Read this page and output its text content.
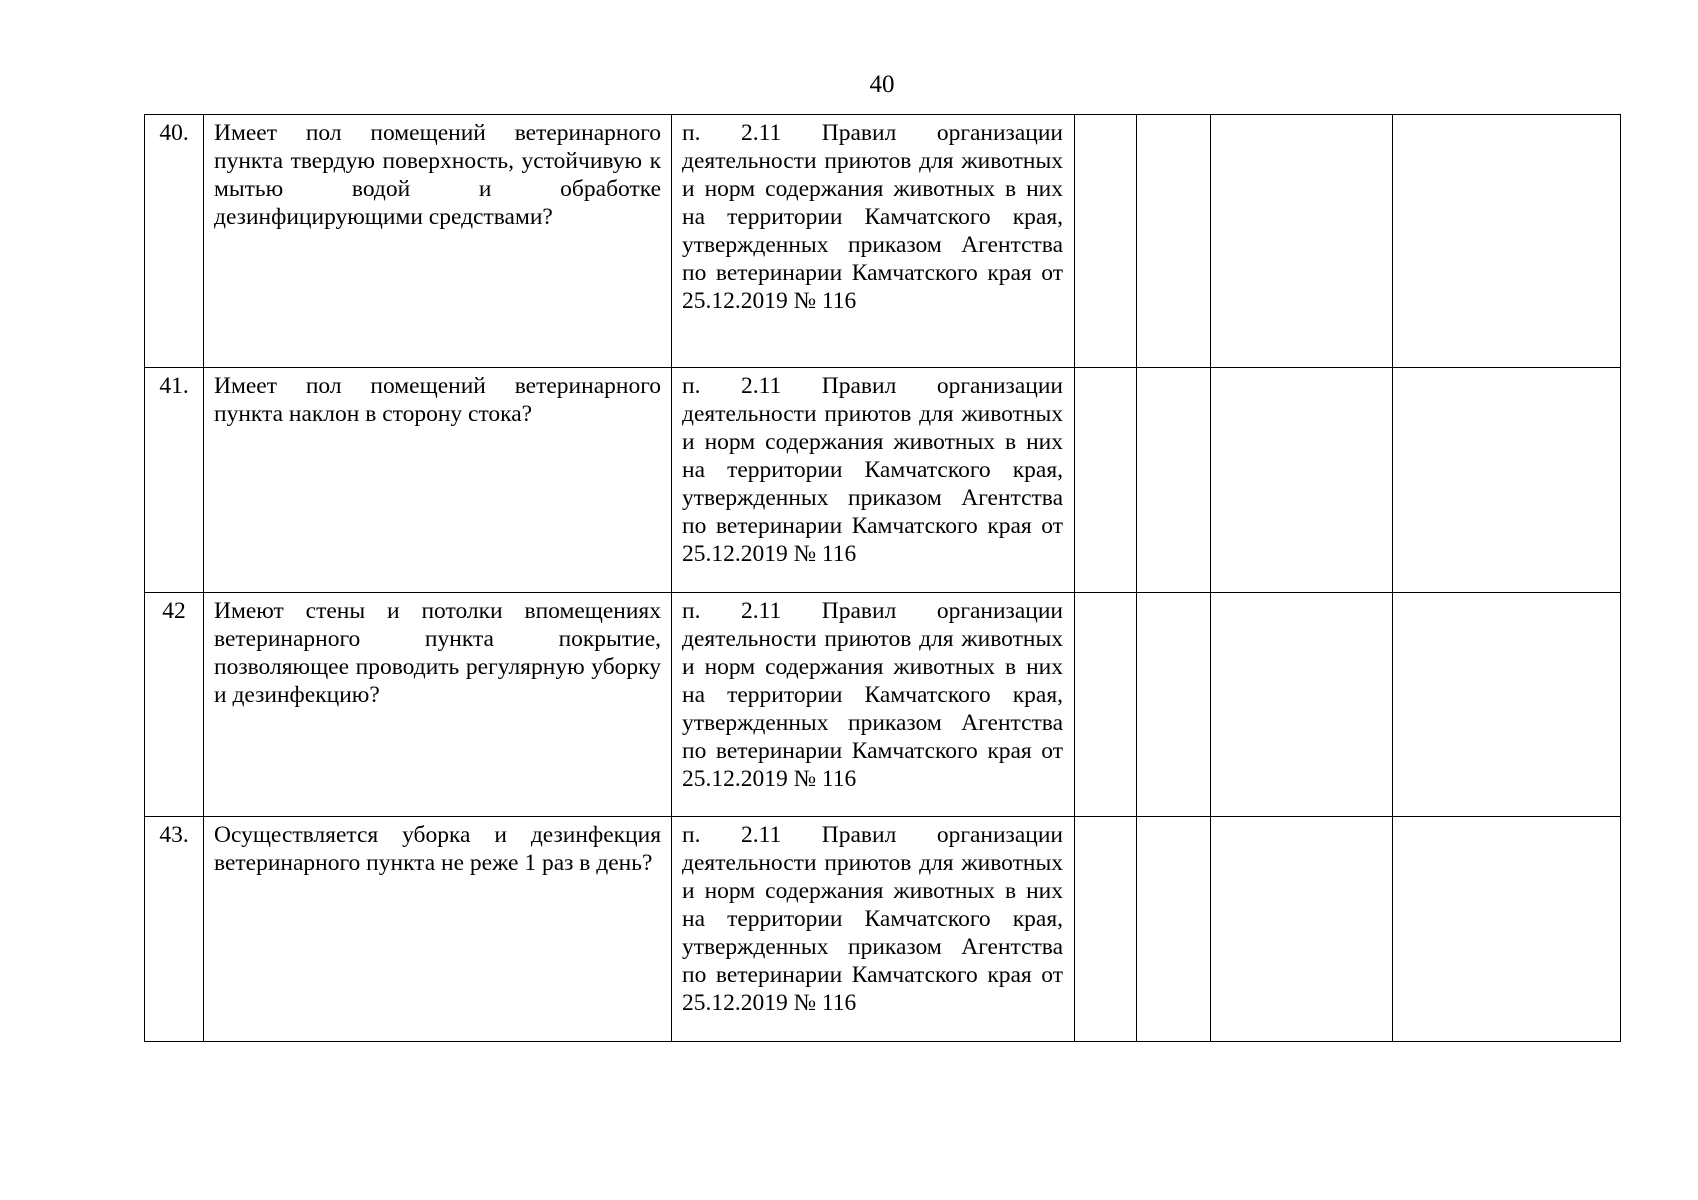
40
40.	Имеет пол помещений ветеринарного пункта твердую поверхность, устойчивую к мытью водой и обработке дезинфицирующими средствами?	п. 2.11 Правил организации деятельности приютов для животных и норм содержания животных в них на территории Камчатского края, утвержденных приказом Агентства по ветеринарии Камчатского края от 25.12.2019 № 116				
41.	Имеет пол помещений ветеринарного пункта наклон в сторону стока?	п. 2.11 Правил организации деятельности приютов для животных и норм содержания животных в них на территории Камчатского края, утвержденных приказом Агентства по ветеринарии Камчатского края от 25.12.2019 № 116				
42	Имеют стены и потолки впомещениях ветеринарного пункта покрытие, позволяющее проводить регулярную уборку и дезинфекцию?	п. 2.11 Правил организации деятельности приютов для животных и норм содержания животных в них на территории Камчатского края, утвержденных приказом Агентства по ветеринарии Камчатского края от 25.12.2019 № 116				
43.	Осуществляется уборка и дезинфекция ветеринарного пункта не реже 1 раз в день?	п. 2.11 Правил организации деятельности приютов для животных и норм содержания животных в них на территории Камчатского края, утвержденных приказом Агентства по ветеринарии Камчатского края от 25.12.2019 № 116				
